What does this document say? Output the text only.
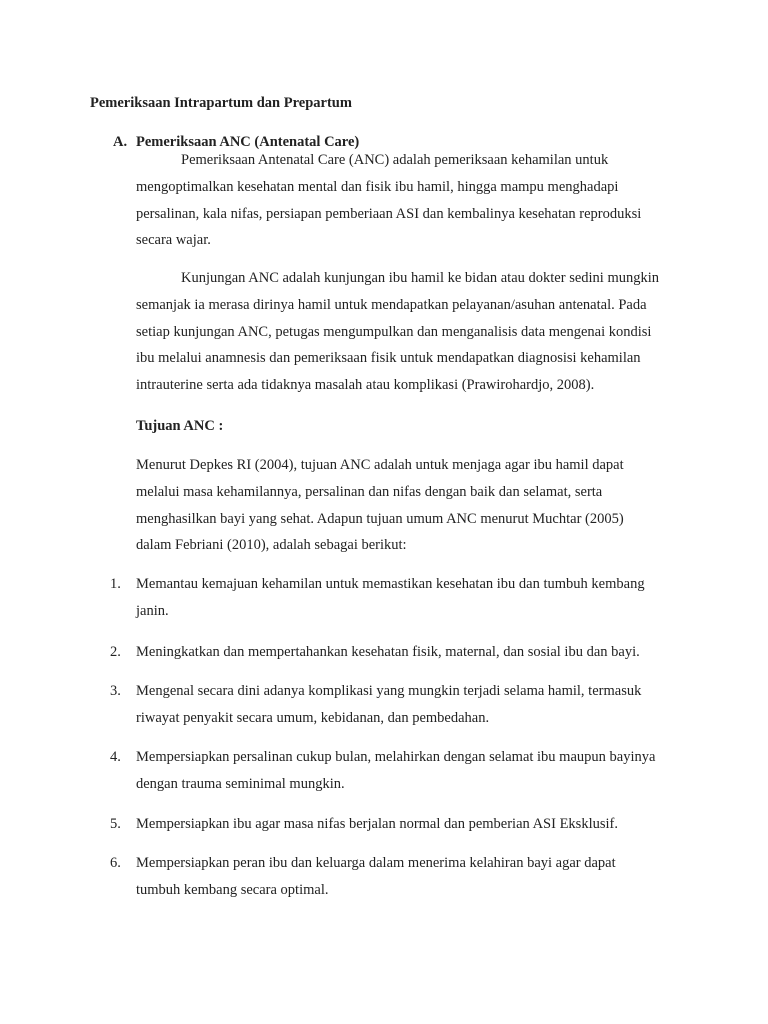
Pemeriksaan Intrapartum dan Prepartum
A. Pemeriksaan ANC (Antenatal Care)
Pemeriksaan Antenatal Care (ANC) adalah pemeriksaan kehamilan untuk
mengoptimalkan kesehatan mental dan fisik ibu hamil, hingga mampu menghadapi
persalinan, kala nifas, persiapan pemberiaan ASI dan kembalinya kesehatan reproduksi
secara wajar.
Kunjungan ANC adalah kunjungan ibu hamil ke bidan atau dokter sedini mungkin
semanjak ia merasa dirinya hamil untuk mendapatkan pelayanan/asuhan antenatal. Pada
setiap kunjungan ANC, petugas mengumpulkan dan menganalisis data mengenai kondisi
ibu melalui anamnesis dan pemeriksaan fisik untuk mendapatkan diagnosisi kehamilan
intrauterine serta ada tidaknya masalah atau komplikasi (Prawirohardjo, 2008).
Tujuan ANC :
Menurut Depkes RI (2004), tujuan ANC adalah untuk menjaga agar ibu hamil dapat
melalui masa kehamilannya, persalinan dan nifas dengan baik dan selamat, serta
menghasilkan bayi yang sehat. Adapun tujuan umum ANC menurut Muchtar (2005)
dalam Febriani (2010), adalah sebagai berikut:
1.	Memantau kemajuan kehamilan untuk memastikan kesehatan ibu dan tumbuh kembang
janin.
2.	Meningkatkan dan mempertahankan kesehatan fisik, maternal, dan sosial ibu dan bayi.
3.	Mengenal secara dini adanya komplikasi yang mungkin terjadi selama hamil, termasuk
riwayat penyakit secara umum, kebidanan, dan pembedahan.
4.	Mempersiapkan persalinan cukup bulan, melahirkan dengan selamat ibu maupun bayinya
dengan trauma seminimal mungkin.
5.	Mempersiapkan ibu agar masa nifas berjalan normal dan pemberian ASI Eksklusif.
6.	Mempersiapkan peran ibu dan keluarga dalam menerima kelahiran bayi agar dapat
tumbuh kembang secara optimal.
